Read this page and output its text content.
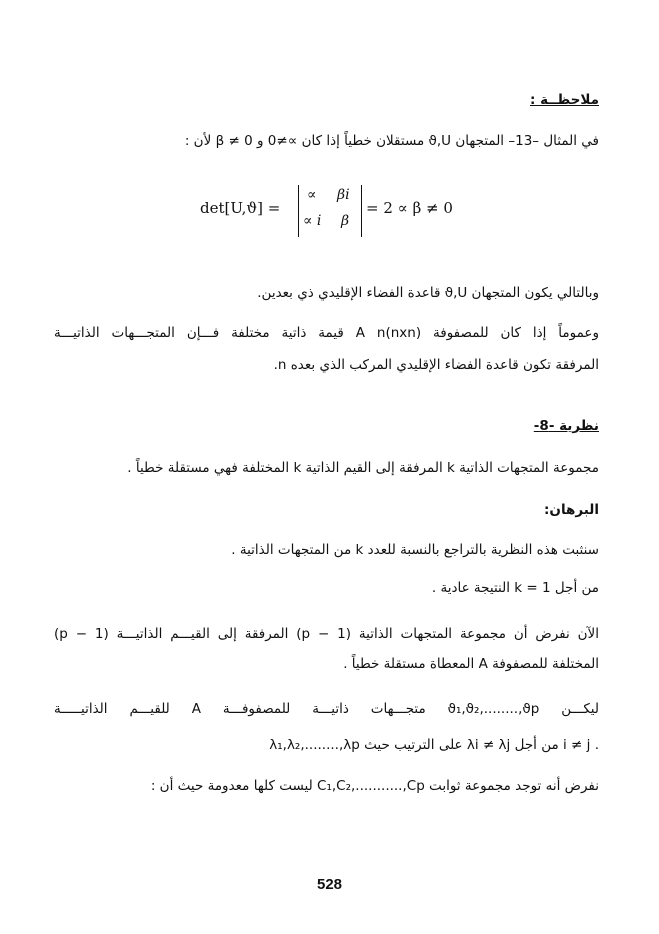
ملاحظــة :
في المثال –13– المتجهان ϑ,U مستقلان خطياً إذا كان ∝≠0 و β ≠ 0 لأن :
det[U,ϑ] =
∝ βi
∝ i β
= 2 ∝ β ≠ 0
وبالتالي يكون المتجهان ϑ,U قاعدة الفضاء الإقليدي ذي بعدين.
وعموماً إذا كان للمصفوفة (nxn)A n قيمة ذاتية مختلفة فـــإن المتجـــهات الذاتيـــة
المرفقة تكون قاعدة الفضاء الإقليدي المركب الذي بعده n.
نظرية -8-
مجموعة المتجهات الذاتية k المرفقة إلى القيم الذاتية k المختلفة فهي مستقلة خطياً .
البرهان:
سنثبت هذه النظرية بالتراجع بالنسبة للعدد k من المتجهات الذاتية .
من أجل k = 1 النتيجة عادية .
الآن نفرض أن مجموعة المتجهات الذاتية (p − 1) المرفقة إلى القيـــم الذاتيـــة (p − 1)
المختلفة للمصفوفة A المعطاة مستقلة خطياً .
ليكـــن ϑ₁,ϑ₂,........,ϑp متجـــهات ذاتيـــة للمصفوفـــة A للقيـــم الذاتيـــــة
λ₁,λ₂,........,λp على الترتيب حيث λi ≠ λj من أجل i ≠ j .
نفرض أنه توجد مجموعة ثوابت C₁,C₂,...........,Cp ليست كلها معدومة حيث أن :
528
